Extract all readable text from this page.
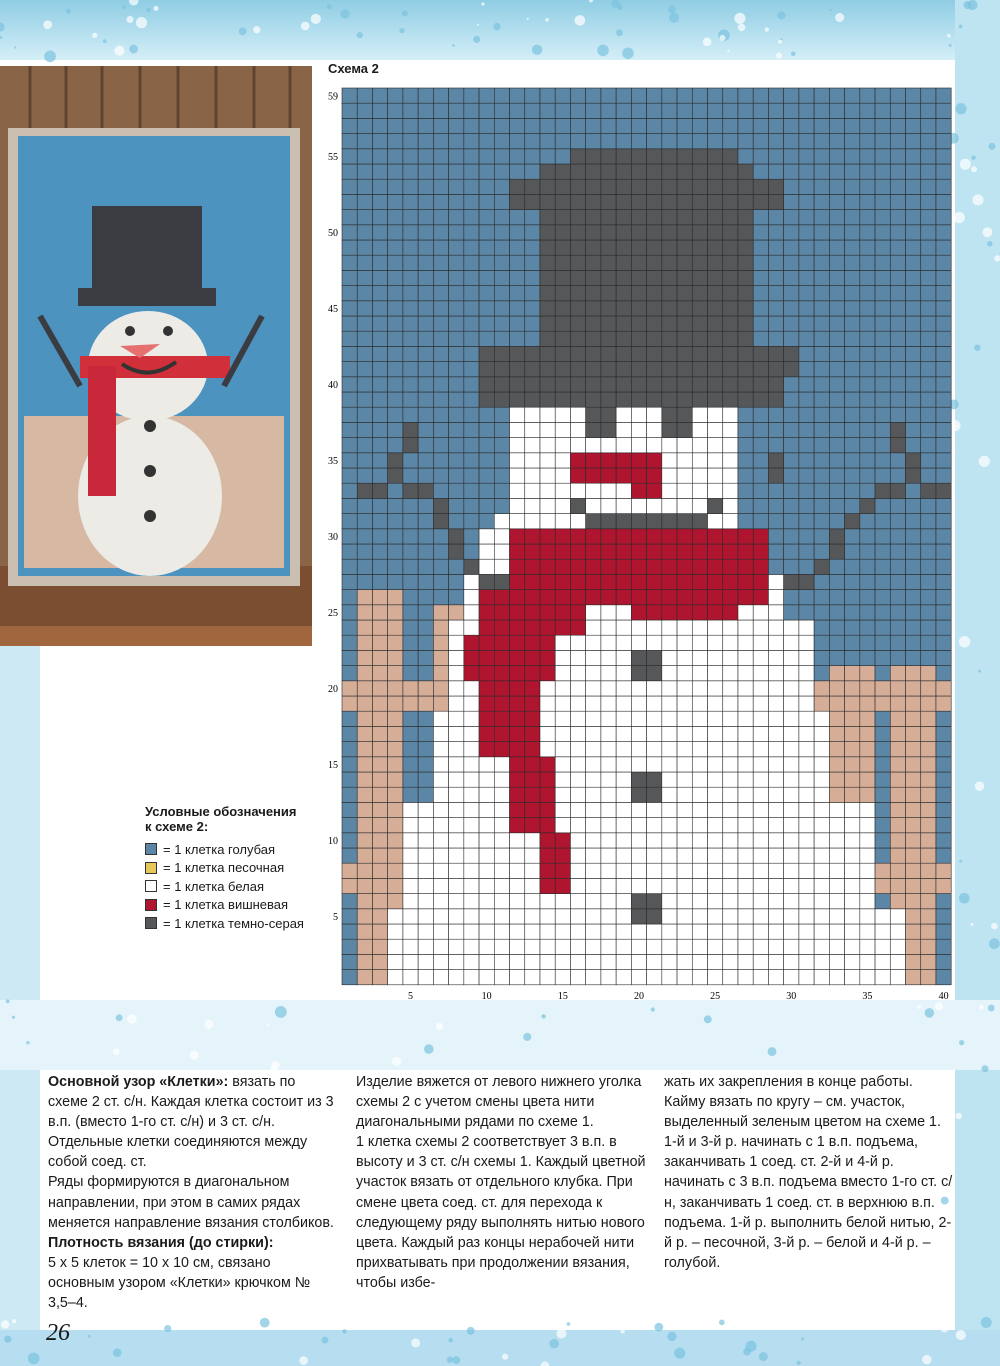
Схема 2
59
55
50
45
40
35
30
25
20
15
10
5
5	10	15	20	25	30	35	40
Условные обозначения
к схеме 2:
= 1 клетка голубая
= 1 клетка песочная
= 1 клетка белая
= 1 клетка вишневая
= 1 клетка темно-серая

Основной узор «Клетки»: вязать по схеме 2 ст. с/н. Каждая клетка состоит из 3 в.п. (вместо 1-го ст. с/н) и 3 ст. с/н. Отдельные клетки соединяются между собой соед. ст.

Ряды формируются в диагональном направлении, при этом в самих рядах меняется направление вязания столбиков.

Плотность вязания (до стирки):

5 х 5 клеток = 10 х 10 см, связано основным узором «Клетки» крючком № 3,5–4.

Изделие вяжется от левого нижнего уголка схемы 2 с учетом смены цвета нити диагональными рядами по схеме 1.

1 клетка схемы 2 соответствует 3 в.п. в высоту и 3 ст. с/н схемы 1. Каждый цветной участок вязать от отдельного клубка. При смене цвета соед. ст. для перехода к следующему ряду выполнять нитью нового цвета. Каждый раз концы нерабочей нити прихватывать при продолжении вязания, чтобы избе-

жать их закрепления в конце работы.

Кайму вязать по кругу – см. участок, выделенный зеленым цветом на схеме 1. 1-й и 3-й р. начинать с 1 в.п. подъема, заканчивать 1 соед. ст. 2-й и 4-й р. начинать с 3 в.п. подъема вместо 1-го ст. с/н, заканчивать 1 соед. ст. в верхнюю в.п. подъема. 1-й р. выполнить белой нитью, 2-й р. – песочной, 3-й р. – белой и 4-й р. – голубой.

26
